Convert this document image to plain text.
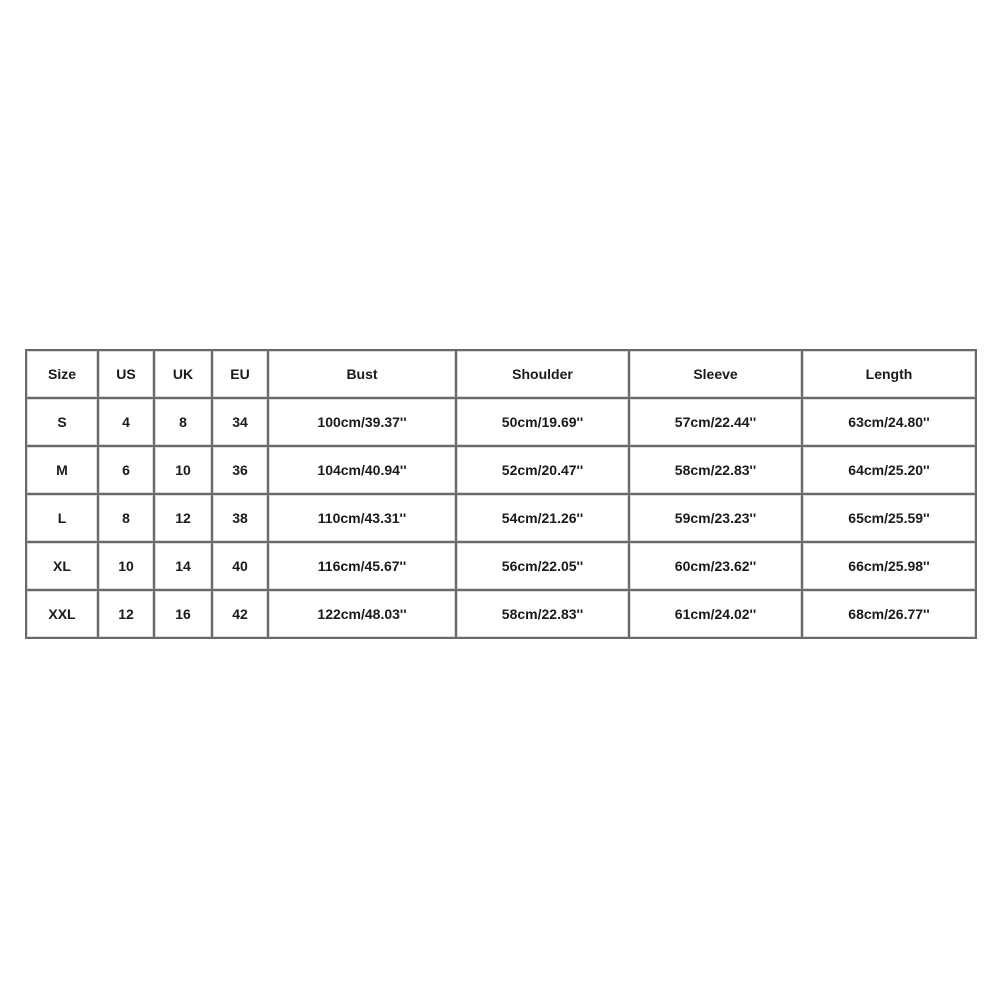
Size	US	UK	EU	Bust	Shoulder	Sleeve	Length
S	4	8	34	100cm/39.37''	50cm/19.69''	57cm/22.44''	63cm/24.80''
M	6	10	36	104cm/40.94''	52cm/20.47''	58cm/22.83''	64cm/25.20''
L	8	12	38	110cm/43.31''	54cm/21.26''	59cm/23.23''	65cm/25.59''
XL	10	14	40	116cm/45.67''	56cm/22.05''	60cm/23.62''	66cm/25.98''
XXL	12	16	42	122cm/48.03''	58cm/22.83''	61cm/24.02''	68cm/26.77''
